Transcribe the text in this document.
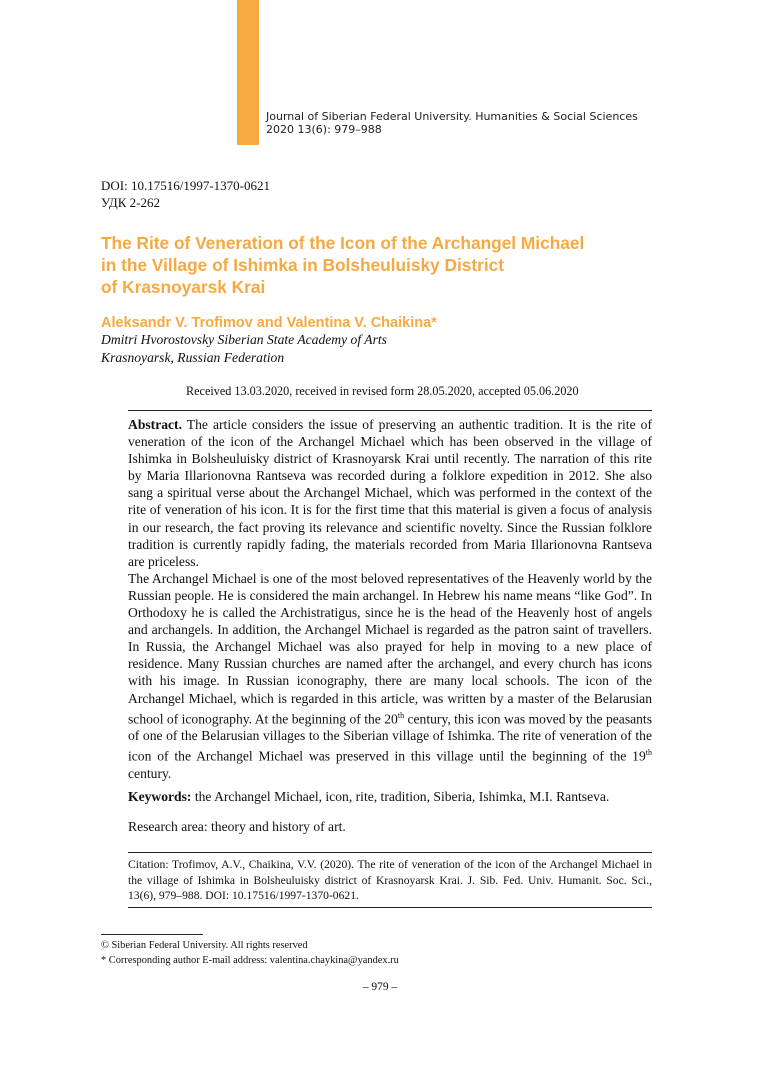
Journal of Siberian Federal University. Humanities & Social Sciences
2020 13(6): 979–988
DOI: 10.17516/1997-1370-0621
УДК 2-262
The Rite of Veneration of the Icon of the Archangel Michael
in the Village of Ishimka in Bolsheuluisky District
of Krasnoyarsk Krai
Aleksandr V. Trofimov and Valentina V. Chaikina*
Dmitri Hvorostovsky Siberian State Academy of Arts
Krasnoyarsk, Russian Federation
Received 13.03.2020, received in revised form 28.05.2020, accepted 05.06.2020

Abstract. The article considers the issue of preserving an authentic tradition. It is the rite of veneration of the icon of the Archangel Michael which has been observed in the village of Ishimka in Bolsheuluisky district of Krasnoyarsk Krai until recently. The narration of this rite by Maria Illarionovna Rantseva was recorded during a folklore expedition in 2012. She also sang a spiritual verse about the Archangel Michael, which was performed in the context of the rite of veneration of his icon. It is for the first time that this material is given a focus of analysis in our research, the fact proving its relevance and scientific novelty. Since the Russian folklore tradition is currently rapidly fading, the materials recorded from Maria Illarionovna Rantseva are priceless.

The Archangel Michael is one of the most beloved representatives of the Heavenly world by the Russian people. He is considered the main archangel. In Hebrew his name means “like God”. In Orthodoxy he is called the Archistratigus, since he is the head of the Heavenly host of angels and archangels. In addition, the Archangel Michael is regarded as the patron saint of travellers. In Russia, the Archangel Michael was also prayed for help in moving to a new place of residence. Many Russian churches are named after the archangel, and every church has icons with his image. In Russian iconography, there are many local schools. The icon of the Archangel Michael, which is regarded in this article, was written by a master of the Belarusian school of iconography. At the beginning of the 20th century, this icon was moved by the peasants of one of the Belarusian villages to the Siberian village of Ishimka. The rite of veneration of the icon of the Archangel Michael was preserved in this village until the beginning of the 19th century.

Keywords: the Archangel Michael, icon, rite, tradition, Siberia, Ishimka, M.I. Rantseva.
Research area: theory and history of art.
Citation: Trofimov, A.V., Chaikina, V.V. (2020). The rite of veneration of the icon of the Archangel Michael in the village of Ishimka in Bolsheuluisky district of Krasnoyarsk Krai. J. Sib. Fed. Univ. Humanit. Soc. Sci., 13(6), 979–988. DOI: 10.17516/1997-1370-0621.
© Siberian Federal University. All rights reserved
* Corresponding author E-mail address: valentina.chaykina@yandex.ru
– 979 –
